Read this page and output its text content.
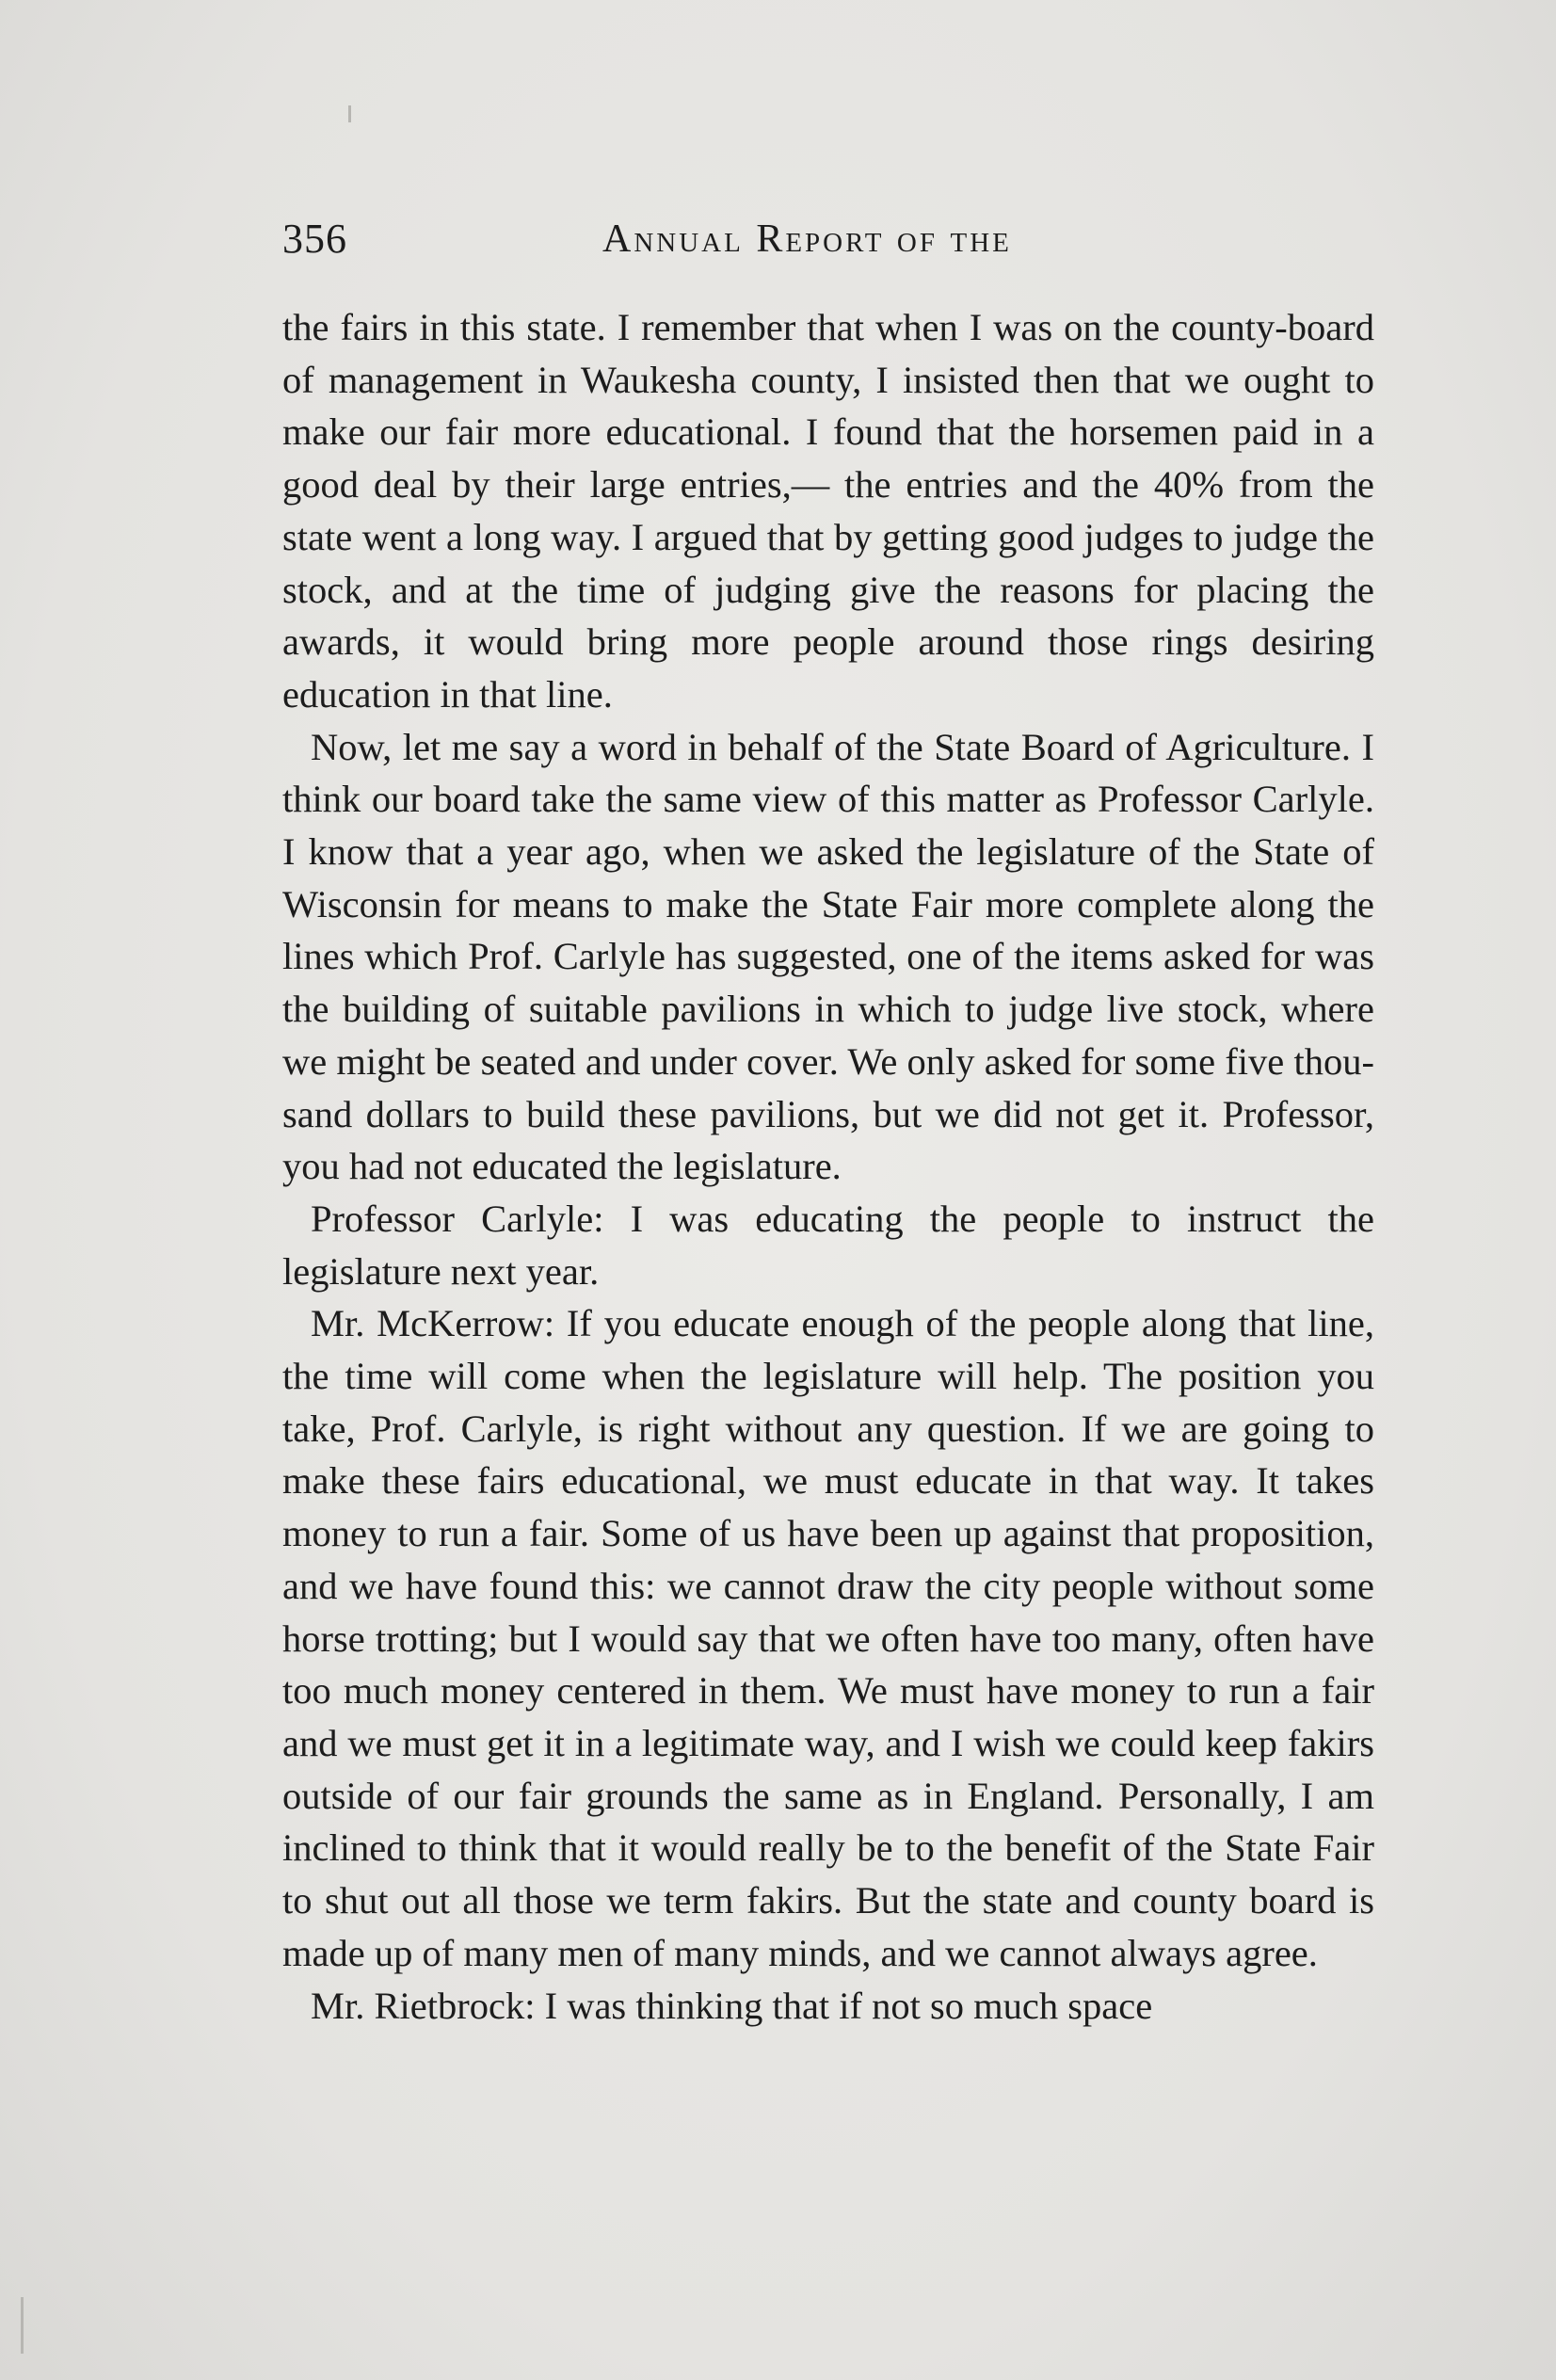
356	Annual Report of the

the fairs in this state. I remember that when I was on the county-board of management in Waukesha county, I insisted then that we ought to make our fair more educational. I found that the horsemen paid in a good deal by their large entries,— the entries and the 40% from the state went a long way. I argued that by getting good judges to judge the stock, and at the time of judging give the reasons for placing the awards, it would bring more people around those rings desiring education in that line.

Now, let me say a word in behalf of the State Board of Agriculture. I think our board take the same view of this matter as Professor Carlyle. I know that a year ago, when we asked the legislature of the State of Wisconsin for means to make the State Fair more complete along the lines which Prof. Carlyle has suggested, one of the items asked for was the building of suitable pavilions in which to judge live stock, where we might be seated and under cover. We only asked for some five thousand dollars to build these pavilions, but we did not get it. Professor, you had not educated the legislature.

Professor Carlyle: I was educating the people to instruct the legislature next year.

Mr. McKerrow: If you educate enough of the people along that line, the time will come when the legislature will help. The position you take, Prof. Carlyle, is right without any question. If we are going to make these fairs educational, we must educate in that way. It takes money to run a fair. Some of us have been up against that proposition, and we have found this: we cannot draw the city people without some horse trotting; but I would say that we often have too many, often have too much money centered in them. We must have money to run a fair and we must get it in a legitimate way, and I wish we could keep fakirs outside of our fair grounds the same as in England. Personally, I am inclined to think that it would really be to the benefit of the State Fair to shut out all those we term fakirs. But the state and county board is made up of many men of many minds, and we cannot always agree.

Mr. Rietbrock: I was thinking that if not so much space
